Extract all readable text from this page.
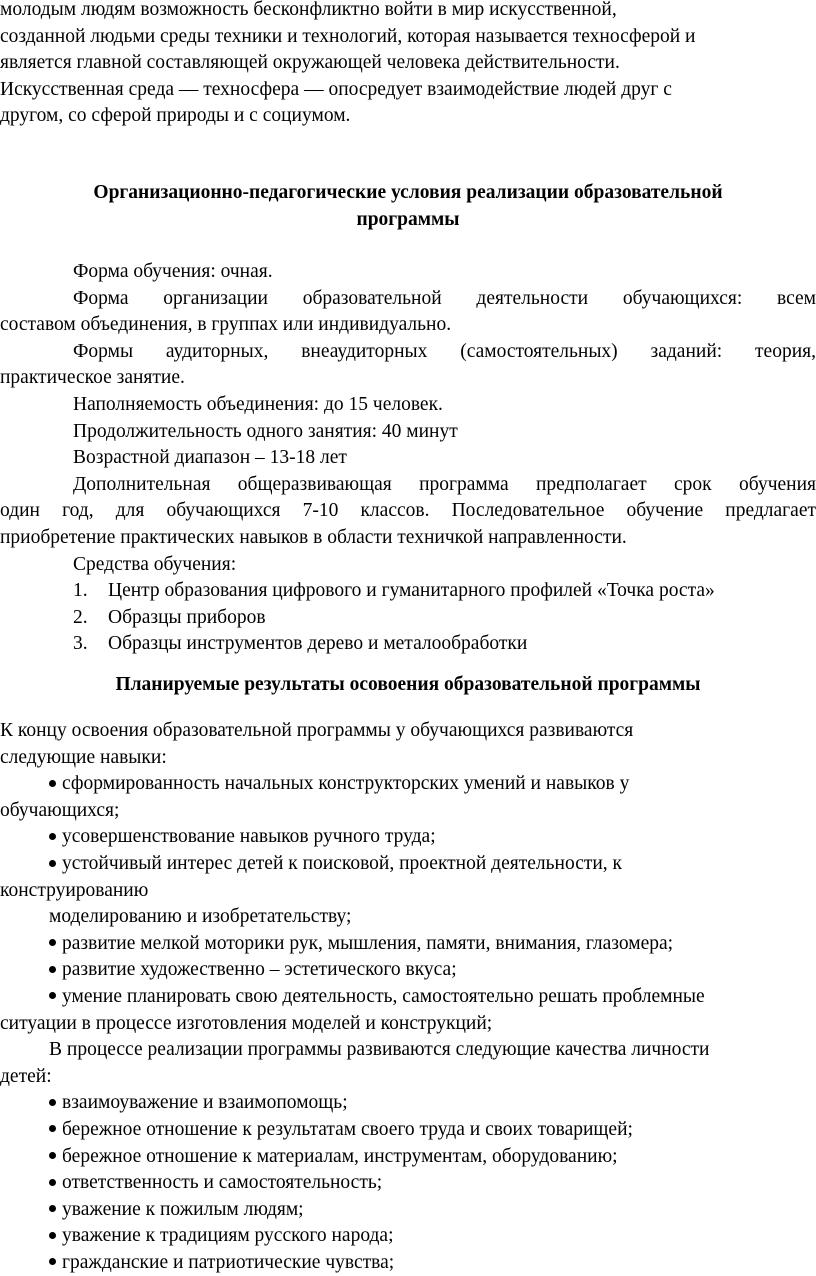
молодым людям возможность бесконфликтно войти в мир искусственной,

созданной людьми среды техники и технологий, которая называется техносферой и

является главной составляющей окружающей человека действительности.

Искусственная среда — техносфера — опосредует взаимодействие людей друг с

другом, со сферой природы и с социумом.

Организационно-педагогические условия реализации образовательной

программы

Форма обучения: очная.

Форма организации образовательной деятельности обучающихся: всем

составом объединения, в группах или индивидуально.

Формы аудиторных, внеаудиторных (самостоятельных) заданий: теория,

практическое занятие.

Наполняемость объединения: до 15 человек.

Продолжительность одного занятия: 40 минут

Возрастной диапазон – 13-18 лет

Дополнительная общеразвивающая программа предполагает срок обучения

один год, для обучающихся 7-10 классов. Последовательное обучение предлагает

приобретение практических навыков в области техничкой направленности.

Средства обучения:

1. Центр образования цифрового и гуманитарного профилей «Точка роста»
2. Образцы приборов
3. Образцы инструментов дерево и металообработки

Планируемые результаты осовоения образовательной программы

К концу освоения образовательной программы у обучающихся развиваются

следующие навыки:

сформированность начальных конструкторских умений и навыков у

обучающихся;

усовершенствование навыков ручного труда;

устойчивый интерес детей к поисковой, проектной деятельности, к

конструированию

моделированию и изобретательству;

развитие мелкой моторики рук, мышления, памяти, внимания, глазомера;

развитие художественно – эстетического вкуса;

умение планировать свою деятельность, самостоятельно решать проблемные

ситуации в процессе изготовления моделей и конструкций;

В процессе реализации программы развиваются следующие качества личности

детей:

взаимоуважение и взаимопомощь;

бережное отношение к результатам своего труда и своих товарищей;

бережное отношение к материалам, инструментам, оборудованию;

ответственность и самостоятельность;

уважение к пожилым людям;

уважение к традициям русского народа;

гражданские и патриотические чувства;
